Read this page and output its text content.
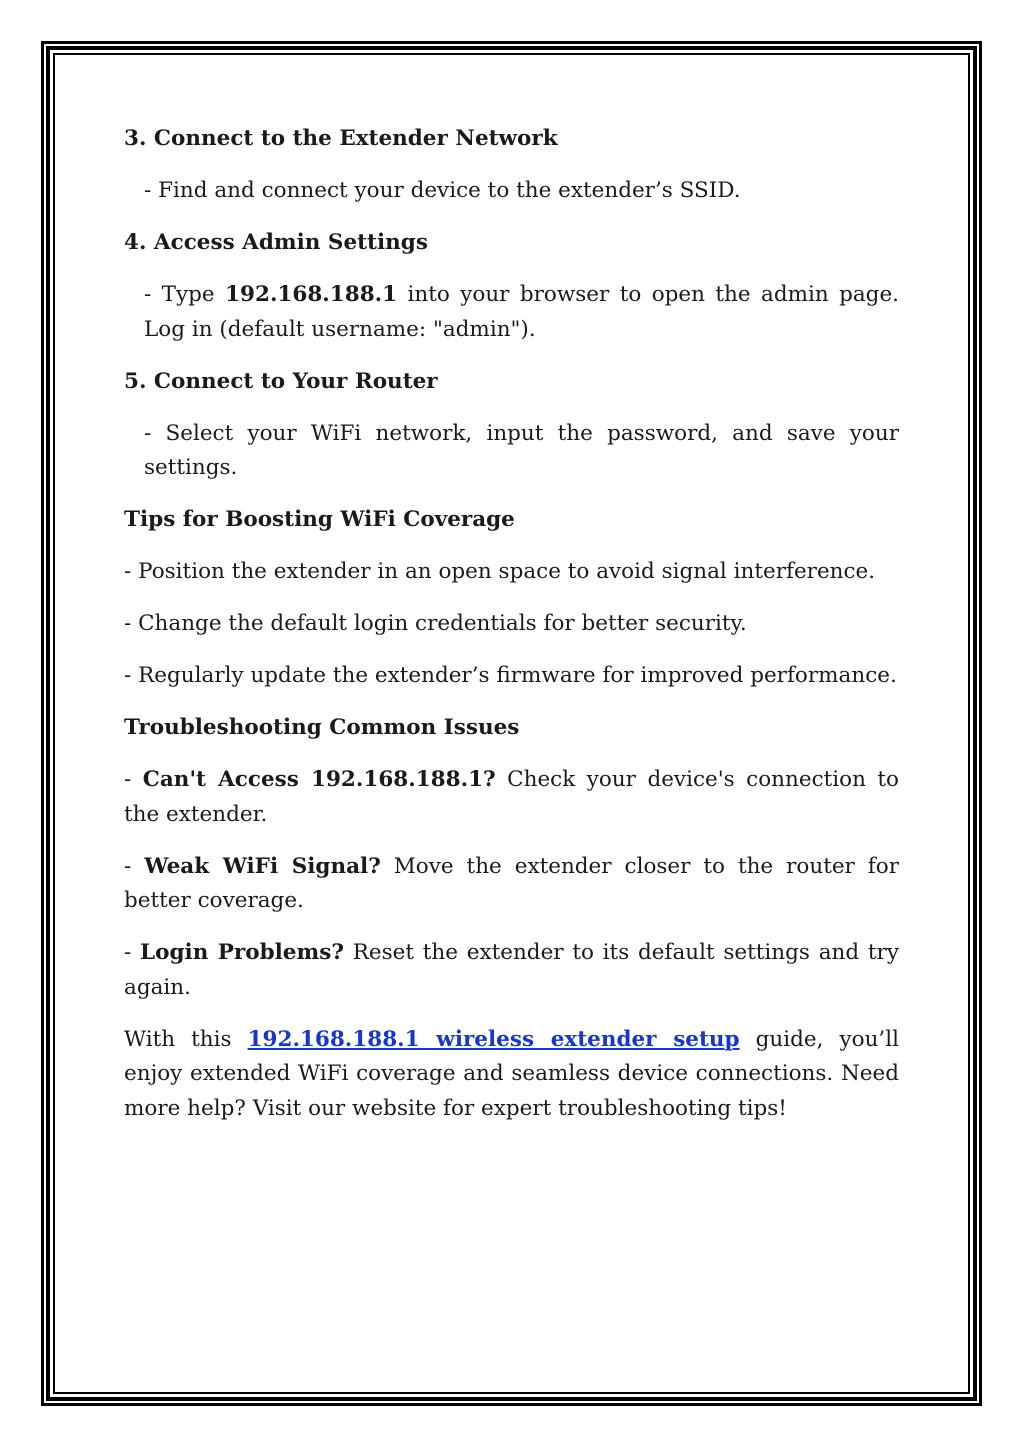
3. Connect to the Extender Network

- Find and connect your device to the extender’s SSID.

4. Access Admin Settings

- Type 192.168.188.1 into your browser to open the admin page. Log in (default username: "admin").

5. Connect to Your Router

- Select your WiFi network, input the password, and save your settings.

Tips for Boosting WiFi Coverage

- Position the extender in an open space to avoid signal interference.

- Change the default login credentials for better security.

- Regularly update the extender’s firmware for improved performance.

Troubleshooting Common Issues

- Can't Access 192.168.188.1? Check your device's connection to the extender.

- Weak WiFi Signal? Move the extender closer to the router for better coverage.

- Login Problems? Reset the extender to its default settings and try again.

With this 192.168.188.1 wireless extender setup guide, you’ll enjoy extended WiFi coverage and seamless device connections. Need more help? Visit our website for expert troubleshooting tips!
